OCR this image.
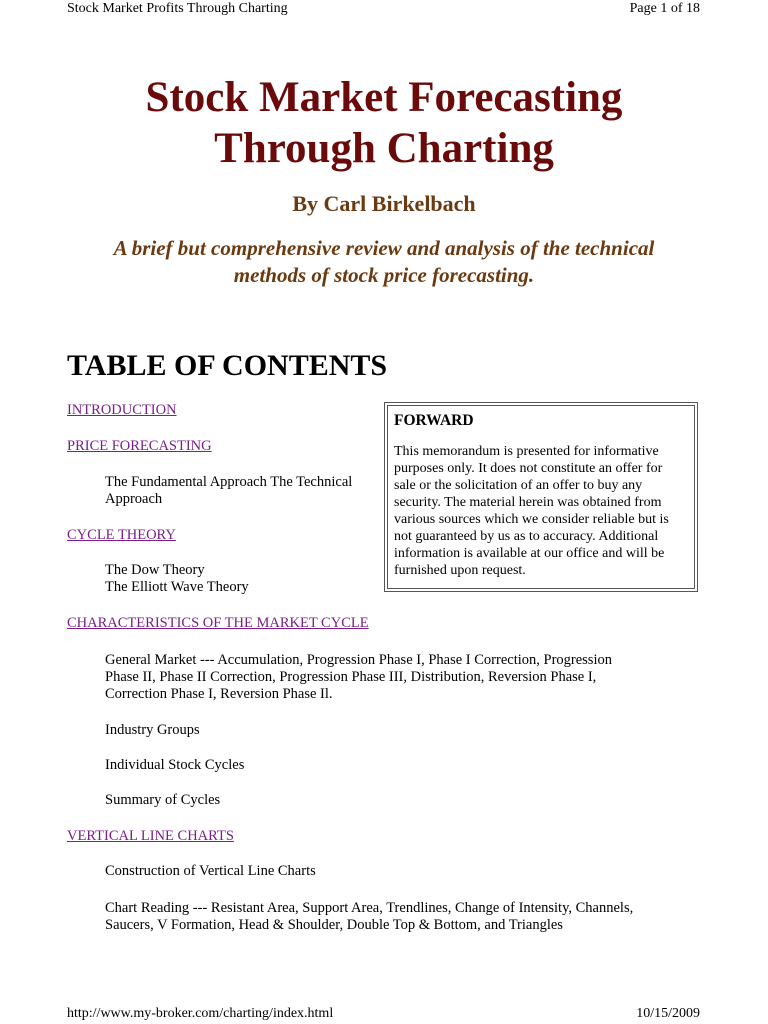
Stock Market Profits Through Charting	Page 1 of 18
Stock Market Forecasting
Through Charting
By Carl Birkelbach
A brief but comprehensive review and analysis of the technical
methods of stock price forecasting.
TABLE OF CONTENTS
INTRODUCTION
PRICE FORECASTING
The Fundamental Approach The Technical
Approach
CYCLE THEORY
The Dow Theory
The Elliott Wave Theory
CHARACTERISTICS OF THE MARKET CYCLE
General Market --- Accumulation, Progression Phase I, Phase I Correction, Progression
Phase II, Phase II Correction, Progression Phase III, Distribution, Reversion Phase I,
Correction Phase I, Reversion Phase Il.
Industry Groups
Individual Stock Cycles
Summary of Cycles
VERTICAL LINE CHARTS
Construction of Vertical Line Charts
Chart Reading --- Resistant Area, Support Area, Trendlines, Change of Intensity, Channels,
Saucers, V Formation, Head & Shoulder, Double Top & Bottom, and Triangles
FORWARD
This memorandum is presented for informative
purposes only. It does not constitute an offer for
sale or the solicitation of an offer to buy any
security. The material herein was obtained from
various sources which we consider reliable but is
not guaranteed by us as to accuracy. Additional
information is available at our office and will be
furnished upon request.
http://www.my-broker.com/charting/index.html	10/15/2009
